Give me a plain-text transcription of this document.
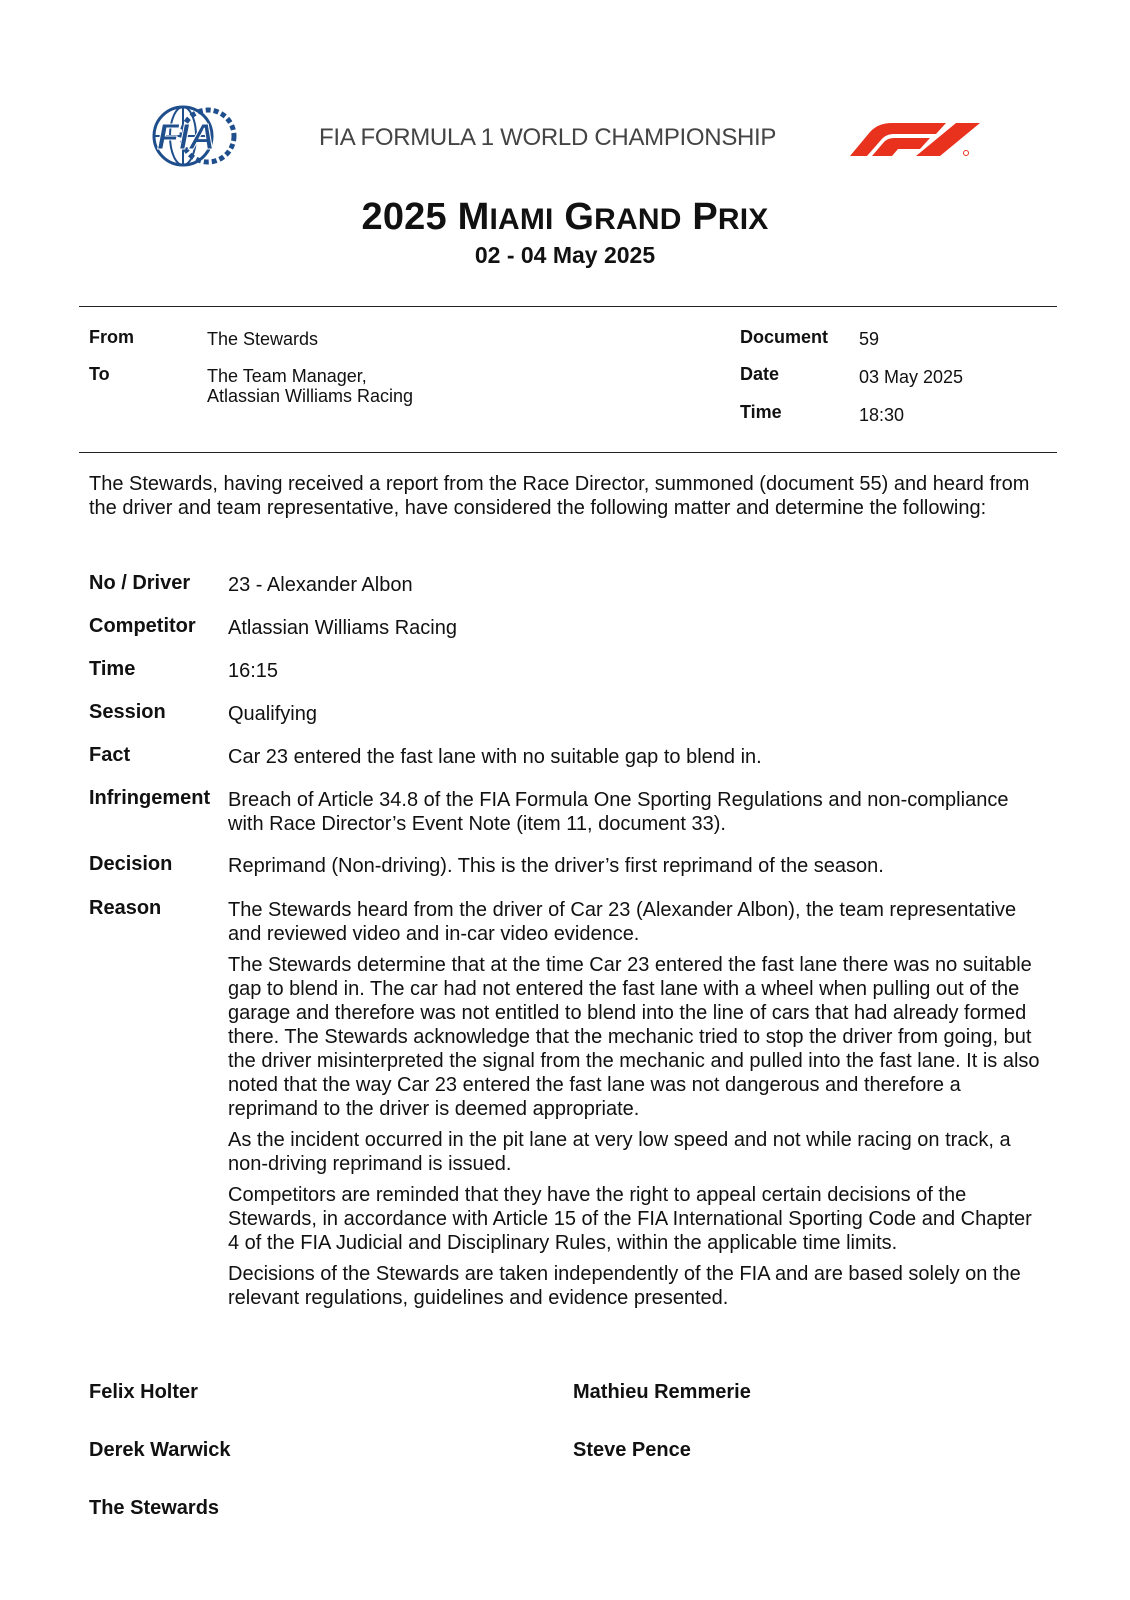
FIA	FIA FORMULA 1 WORLD CHAMPIONSHIP
2025 MIAMI GRAND PRIX
02 - 04 May 2025
From	The Stewards
To	The Team Manager,
Atlassian Williams Racing
Document 59
Date	03 May 2025
Time	18:30
The Stewards, having received a report from the Race Director, summoned (document 55) and heard from the driver and team representative, have considered the following matter and determine the following:
No / Driver 23 - Alexander Albon
Competitor Atlassian Williams Racing
Time	16:15
Session	Qualifying
Fact	Car 23 entered the fast lane with no suitable gap to blend in.
Infringement Breach of Article 34.8 of the FIA Formula One Sporting Regulations and non-compliance with Race Director’s Event Note (item 11, document 33).
Decision	Reprimand (Non-driving). This is the driver’s first reprimand of the season.
Reason	The Stewards heard from the driver of Car 23 (Alexander Albon), the team representative and reviewed video and in-car video evidence.

The Stewards determine that at the time Car 23 entered the fast lane there was no suitable gap to blend in. The car had not entered the fast lane with a wheel when pulling out of the garage and therefore was not entitled to blend into the line of cars that had already formed there. The Stewards acknowledge that the mechanic tried to stop the driver from going, but the driver misinterpreted the signal from the mechanic and pulled into the fast lane. It is also noted that the way Car 23 entered the fast lane was not dangerous and therefore a reprimand to the driver is deemed appropriate.

As the incident occurred in the pit lane at very low speed and not while racing on track, a non-driving reprimand is issued.

Competitors are reminded that they have the right to appeal certain decisions of the Stewards, in accordance with Article 15 of the FIA International Sporting Code and Chapter 4 of the FIA Judicial and Disciplinary Rules, within the applicable time limits.

Decisions of the Stewards are taken independently of the FIA and are based solely on the relevant regulations, guidelines and evidence presented.

Felix Holter	Mathieu Remmerie
Derek Warwick	Steve Pence
The Stewards
